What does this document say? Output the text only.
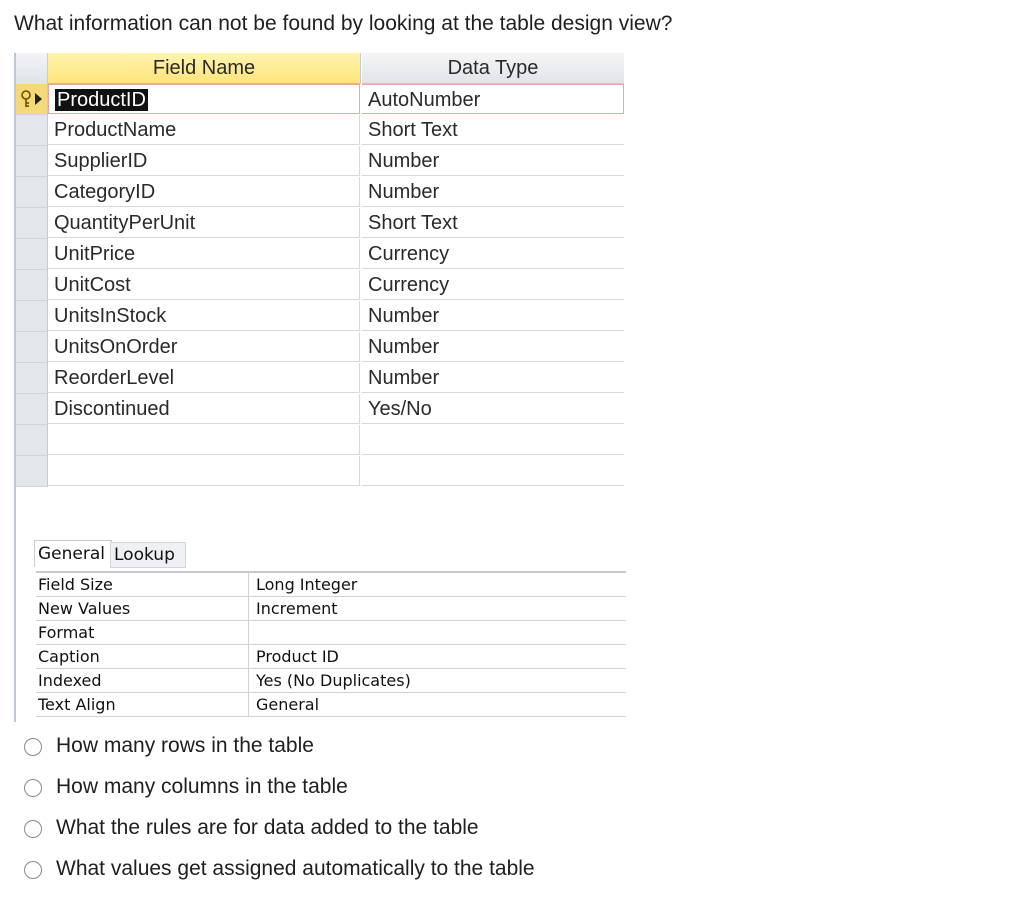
What information can not be found by looking at the table design view?
Field Name	Data Type
ProductID	AutoNumber
ProductName	Short Text
SupplierID	Number
CategoryID	Number
QuantityPerUnit	Short Text
UnitPrice	Currency
UnitCost	Currency
UnitsInStock	Number
UnitsOnOrder	Number
ReorderLevel	Number
Discontinued	Yes/No
General Lookup
Field Size	Long Integer
New Values	Increment
Format
Caption	Product ID
Indexed	Yes (No Duplicates)
Text Align	General
How many rows in the table
How many columns in the table
What the rules are for data added to the table
What values get assigned automatically to the table
